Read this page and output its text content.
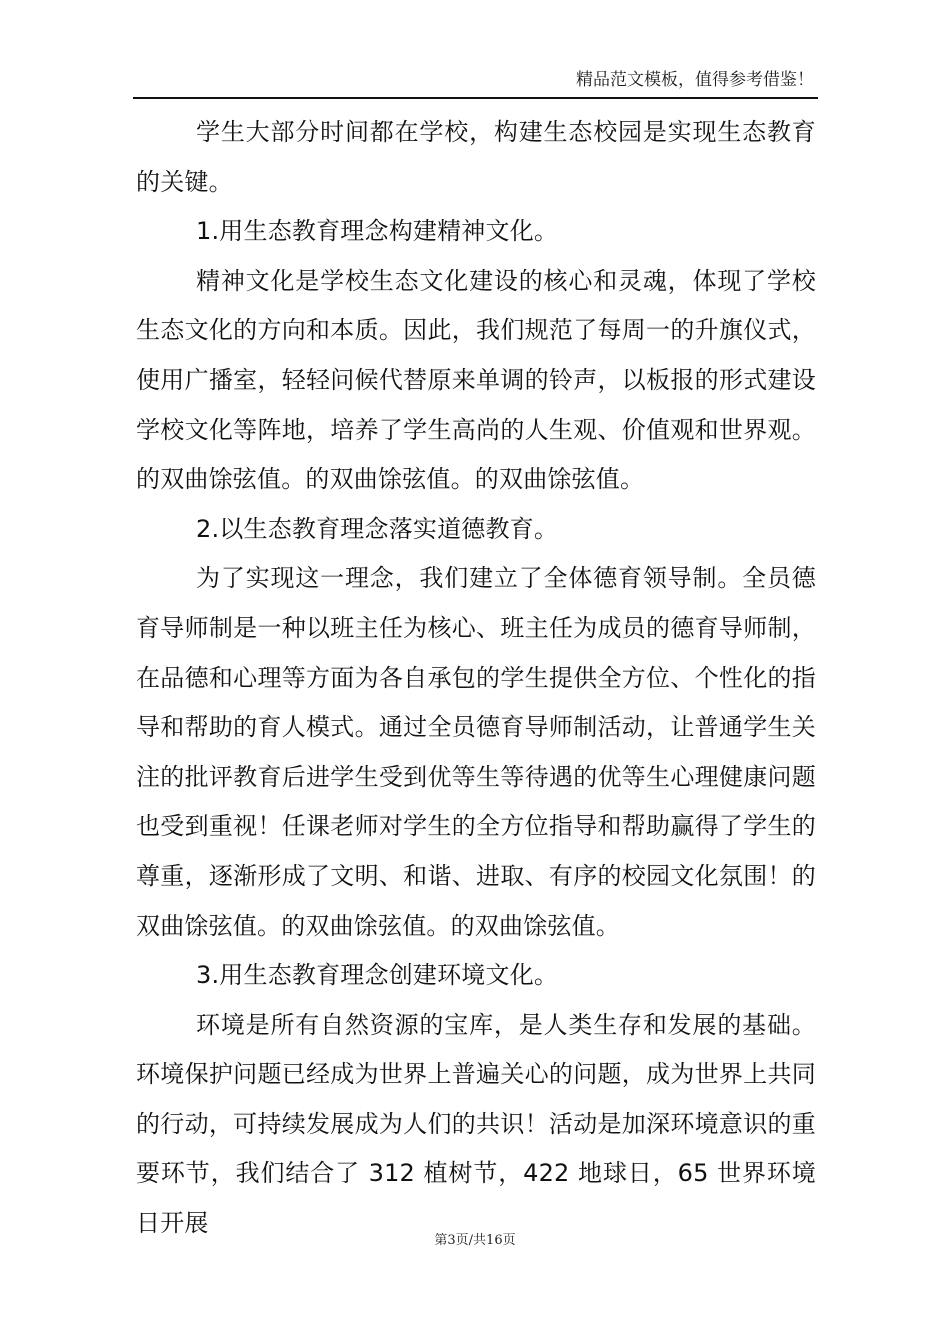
精品范文模板，值得参考借鉴！

学生大部分时间都在学校，构建生态校园是实现生态教育的关键。

1.用生态教育理念构建精神文化。

精神文化是学校生态文化建设的核心和灵魂，体现了学校生态文化的方向和本质。因此，我们规范了每周一的升旗仪式，使用广播室，轻轻问候代替原来单调的铃声，以板报的形式建设学校文化等阵地，培养了学生高尚的人生观、价值观和世界观。的双曲馀弦值。的双曲馀弦值。的双曲馀弦值。

2.以生态教育理念落实道德教育。

为了实现这一理念，我们建立了全体德育领导制。全员德育导师制是一种以班主任为核心、班主任为成员的德育导师制，在品德和心理等方面为各自承包的学生提供全方位、个性化的指导和帮助的育人模式。通过全员德育导师制活动，让普通学生关注的批评教育后进学生受到优等生等待遇的优等生心理健康问题也受到重视！任课老师对学生的全方位指导和帮助赢得了学生的尊重，逐渐形成了文明、和谐、进取、有序的校园文化氛围！的双曲馀弦值。的双曲馀弦值。的双曲馀弦值。

3.用生态教育理念创建环境文化。

环境是所有自然资源的宝库，是人类生存和发展的基础。环境保护问题已经成为世界上普遍关心的问题，成为世界上共同的行动，可持续发展成为人们的共识！活动是加深环境意识的重要环节，我们结合了 312 植树节，422 地球日，65 世界环境日开展

第3页/共16页
